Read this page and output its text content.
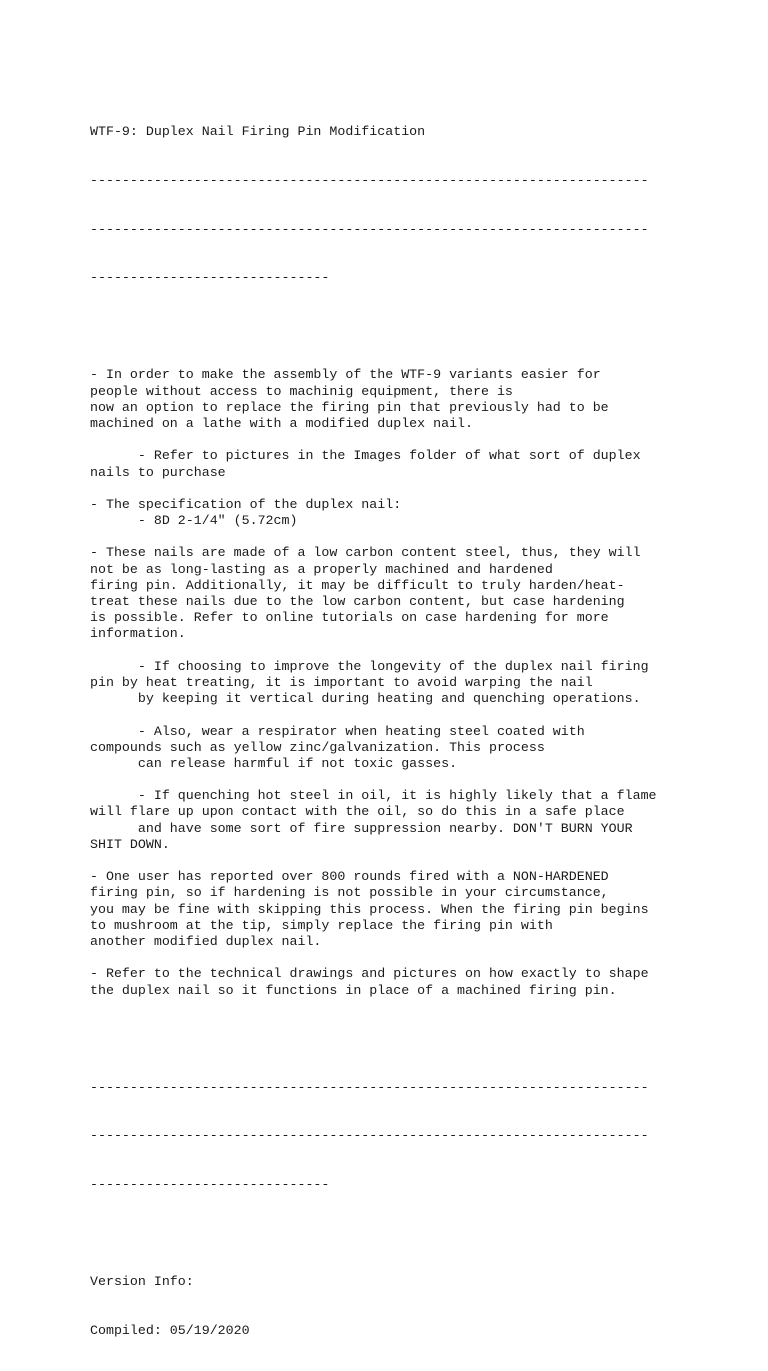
WTF-9: Duplex Nail Firing Pin Modification

----------------------------------------------------------------------

----------------------------------------------------------------------

------------------------------

- In order to make the assembly of the WTF-9 variants easier for
people without access to machinig equipment, there is
now an option to replace the firing pin that previously had to be
machined on a lathe with a modified duplex nail.
- Refer to pictures in the Images folder of what sort of duplex
nails to purchase
- The specification of the duplex nail:
- 8D 2-1/4" (5.72cm)
- These nails are made of a low carbon content steel, thus, they will
not be as long-lasting as a properly machined and hardened
firing pin. Additionally, it may be difficult to truly harden/heat-
treat these nails due to the low carbon content, but case hardening
is possible. Refer to online tutorials on case hardening for more
information.
- If choosing to improve the longevity of the duplex nail firing
pin by heat treating, it is important to avoid warping the nail
by keeping it vertical during heating and quenching operations.
- Also, wear a respirator when heating steel coated with
compounds such as yellow zinc/galvanization. This process
can release harmful if not toxic gasses.
- If quenching hot steel in oil, it is highly likely that a flame
will flare up upon contact with the oil, so do this in a safe place
and have some sort of fire suppression nearby. DON'T BURN YOUR
SHIT DOWN.
- One user has reported over 800 rounds fired with a NON-HARDENED
firing pin, so if hardening is not possible in your circumstance,
you may be fine with skipping this process. When the firing pin begins
to mushroom at the tip, simply replace the firing pin with
another modified duplex nail.
- Refer to the technical drawings and pictures on how exactly to shape
the duplex nail so it functions in place of a machined firing pin.

----------------------------------------------------------------------

----------------------------------------------------------------------

------------------------------

Version Info:

Compiled: 05/19/2020
